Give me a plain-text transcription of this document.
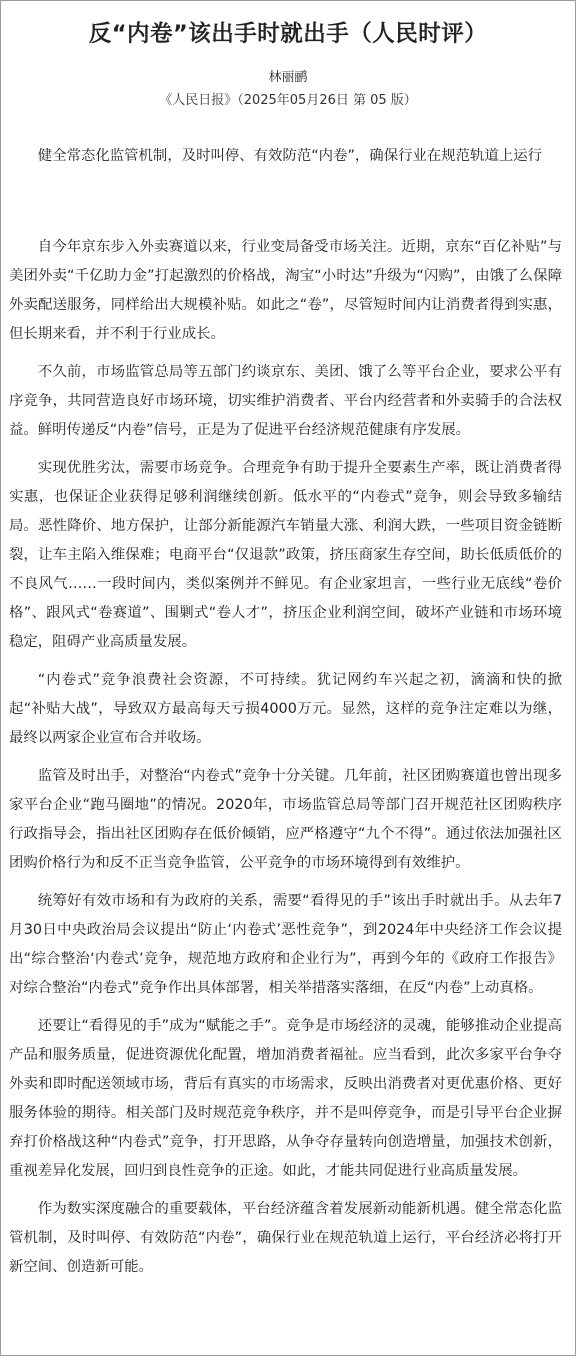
反“内卷”该出手时就出手（人民时评）
林丽鹂
《人民日报》（2025年05月26日 第 05 版）

健全常态化监管机制，及时叫停、有效防范“内卷”，确保行业在规范轨道上运行

自今年京东步入外卖赛道以来，行业变局备受市场关注。近期，京东“百亿补贴”与美团外卖“千亿助力金”打起激烈的价格战，淘宝“小时达”升级为“闪购”，由饿了么保障外卖配送服务，同样给出大规模补贴。如此之“卷”，尽管短时间内让消费者得到实惠，但长期来看，并不利于行业成长。

不久前，市场监管总局等五部门约谈京东、美团、饿了么等平台企业，要求公平有序竞争，共同营造良好市场环境，切实维护消费者、平台内经营者和外卖骑手的合法权益。鲜明传递反“内卷”信号，正是为了促进平台经济规范健康有序发展。

实现优胜劣汰，需要市场竞争。合理竞争有助于提升全要素生产率，既让消费者得实惠，也保证企业获得足够利润继续创新。低水平的“内卷式”竞争，则会导致多输结局。恶性降价、地方保护，让部分新能源汽车销量大涨、利润大跌，一些项目资金链断裂，让车主陷入维保难；电商平台“仅退款”政策，挤压商家生存空间，助长低质低价的不良风气……一段时间内，类似案例并不鲜见。有企业家坦言，一些行业无底线“卷价格”、跟风式“卷赛道”、围剿式“卷人才”，挤压企业利润空间，破坏产业链和市场环境稳定，阻碍产业高质量发展。

“内卷式”竞争浪费社会资源，不可持续。犹记网约车兴起之初，滴滴和快的掀起“补贴大战”，导致双方最高每天亏损4000万元。显然，这样的竞争注定难以为继，最终以两家企业宣布合并收场。

监管及时出手，对整治“内卷式”竞争十分关键。几年前，社区团购赛道也曾出现多家平台企业“跑马圈地”的情况。2020年，市场监管总局等部门召开规范社区团购秩序行政指导会，指出社区团购存在低价倾销，应严格遵守“九个不得”。通过依法加强社区团购价格行为和反不正当竞争监管，公平竞争的市场环境得到有效维护。

统筹好有效市场和有为政府的关系，需要“看得见的手”该出手时就出手。从去年7月30日中央政治局会议提出“防止‘内卷式’恶性竞争”，到2024年中央经济工作会议提出“综合整治‘内卷式’竞争，规范地方政府和企业行为”，再到今年的《政府工作报告》对综合整治“内卷式”竞争作出具体部署，相关举措落实落细，在反“内卷”上动真格。

还要让“看得见的手”成为“赋能之手”。竞争是市场经济的灵魂，能够推动企业提高产品和服务质量，促进资源优化配置，增加消费者福祉。应当看到，此次多家平台争夺外卖和即时配送领域市场，背后有真实的市场需求，反映出消费者对更优惠价格、更好服务体验的期待。相关部门及时规范竞争秩序，并不是叫停竞争，而是引导平台企业摒弃打价格战这种“内卷式”竞争，打开思路，从争夺存量转向创造增量，加强技术创新，重视差异化发展，回归到良性竞争的正途。如此，才能共同促进行业高质量发展。

作为数实深度融合的重要载体，平台经济蕴含着发展新动能新机遇。健全常态化监管机制，及时叫停、有效防范“内卷”，确保行业在规范轨道上运行，平台经济必将打开新空间、创造新可能。
